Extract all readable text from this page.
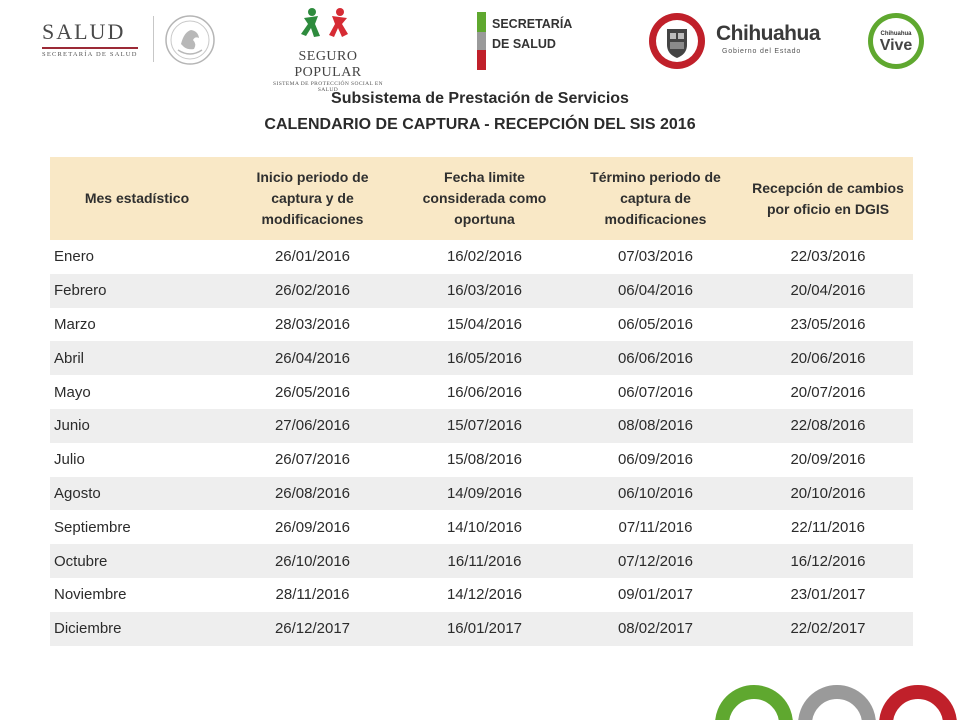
SALUD
SECRETARÍA DE SALUD	SEGURO POPULAR
SISTEMA DE PROTECCIÓN SOCIAL EN SALUD
SECRETARÍA
DE SALUD	Chihuahua
Gobierno del Estado
Chihuahua
Vive
Subsistema de Prestación de Servicios
CALENDARIO DE CAPTURA - RECEPCIÓN DEL SIS 2016
Mes estadístico	Inicio periodo de captura y de modificaciones	Fecha limite considerada como oportuna	Término periodo de captura de modificaciones	Recepción de cambios por oficio en DGIS
Enero	26/01/2016	16/02/2016	07/03/2016	22/03/2016
Febrero	26/02/2016	16/03/2016	06/04/2016	20/04/2016
Marzo	28/03/2016	15/04/2016	06/05/2016	23/05/2016
Abril	26/04/2016	16/05/2016	06/06/2016	20/06/2016
Mayo	26/05/2016	16/06/2016	06/07/2016	20/07/2016
Junio	27/06/2016	15/07/2016	08/08/2016	22/08/2016
Julio	26/07/2016	15/08/2016	06/09/2016	20/09/2016
Agosto	26/08/2016	14/09/2016	06/10/2016	20/10/2016
Septiembre	26/09/2016	14/10/2016	07/11/2016	22/11/2016
Octubre	26/10/2016	16/11/2016	07/12/2016	16/12/2016
Noviembre	28/11/2016	14/12/2016	09/01/2017	23/01/2017
Diciembre	26/12/2017	16/01/2017	08/02/2017	22/02/2017
